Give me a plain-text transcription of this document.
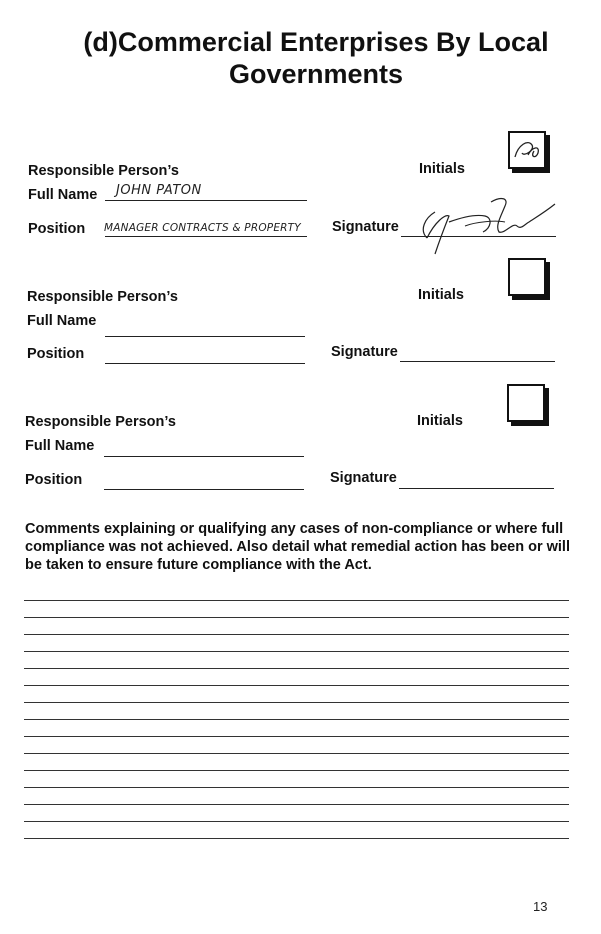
(d)Commercial Enterprises By Local
Governments
Responsible Person’s
Full Name JOHN PATON
Position MANAGER CONTRACTS & PROPERTY
Initials
Signature
Responsible Person’s
Full Name
Position
Initials
Signature
Responsible Person’s
Full Name
Position
Initials
Signature
Comments explaining or qualifying any cases of non-compliance or where full compliance was not achieved. Also detail what remedial action has been or will be taken to ensure future compliance with the Act.
13
